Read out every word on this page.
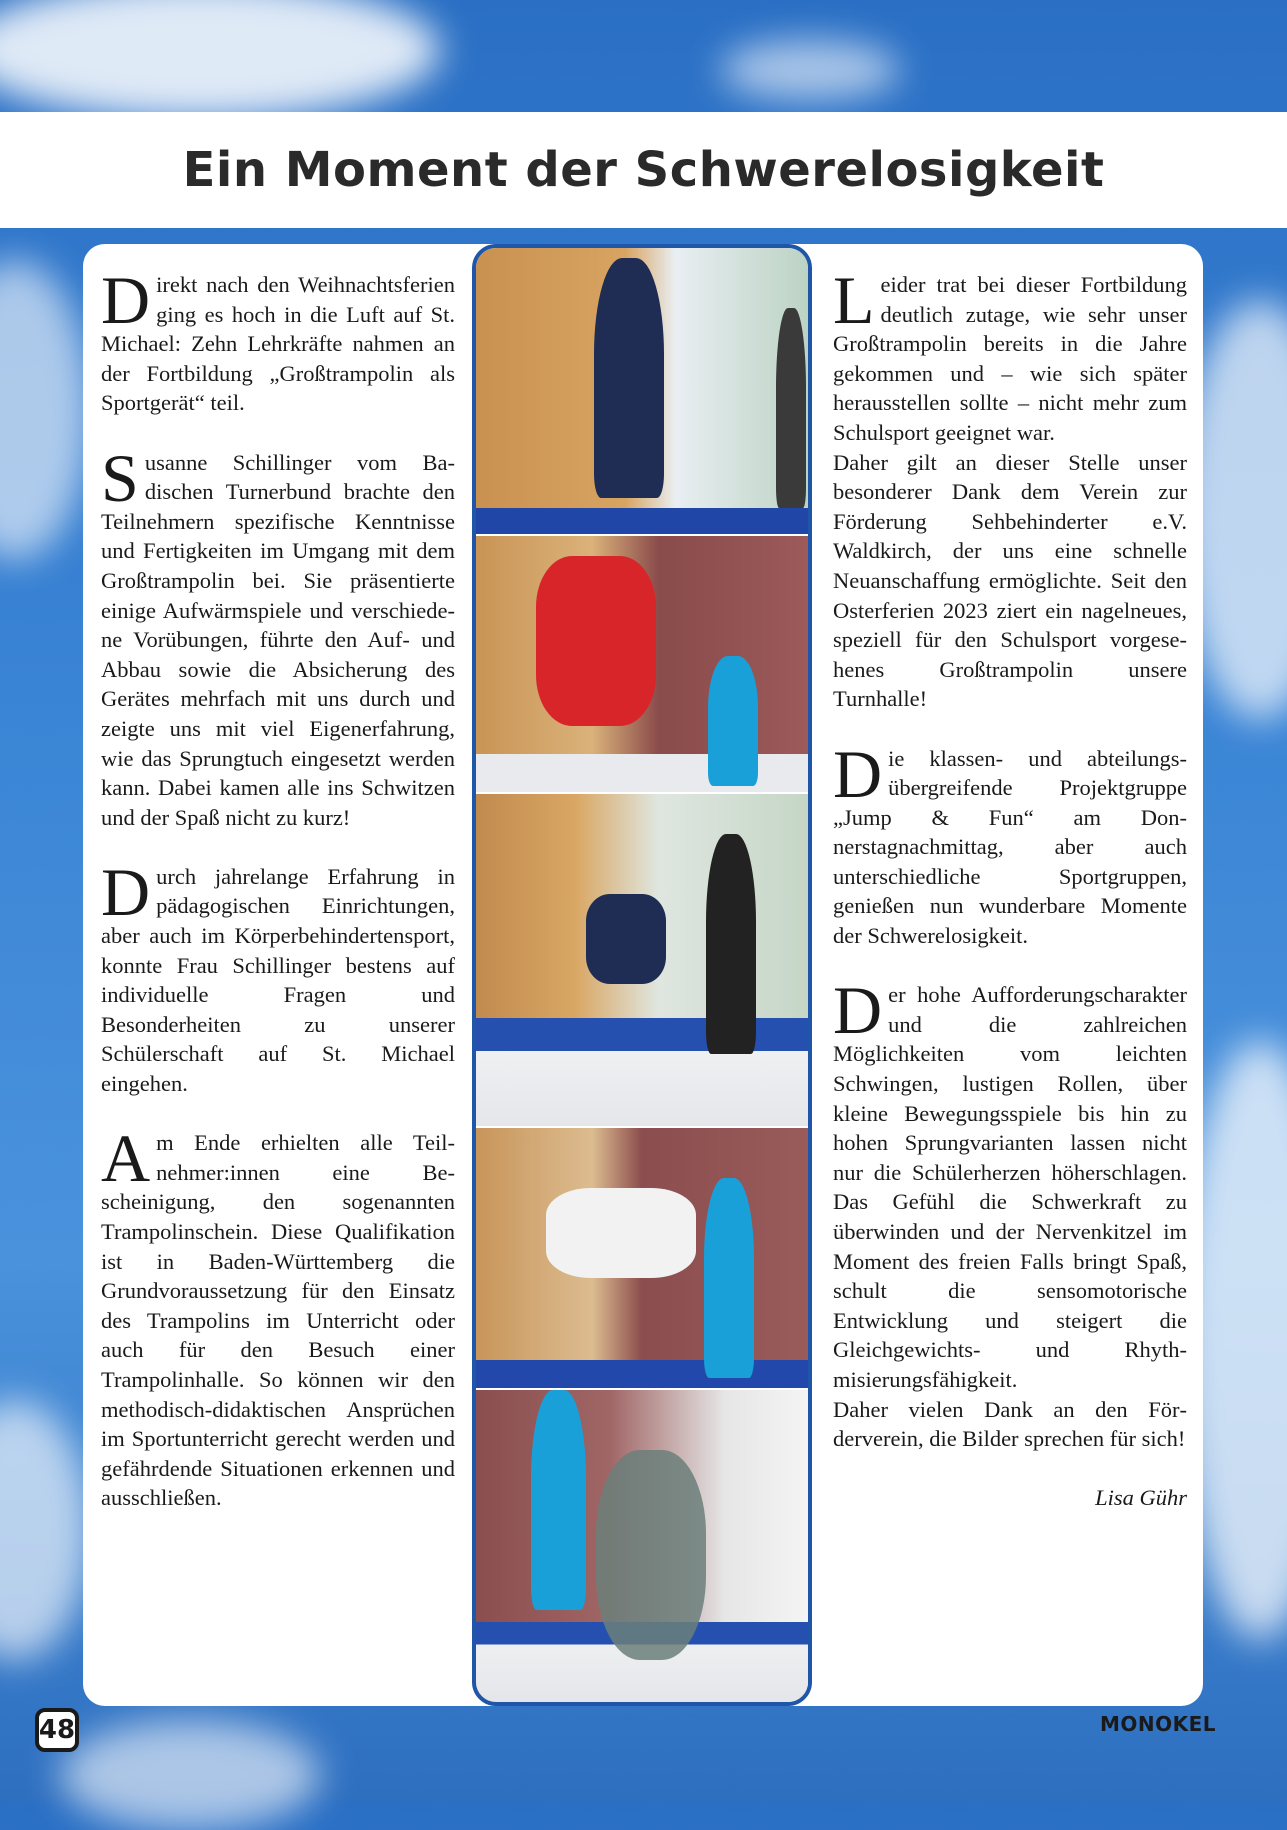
Ein Moment der Schwerelosigkeit

Direkt nach den Weihnachtsferien ging es hoch in die Luft auf St. Michael: Zehn Lehrkräfte nahmen an der Fortbildung „Großtrampolin als Sportgerät“ teil.

Susanne Schillinger vom Badischen Turnerbund brachte den Teilnehmern spezifische Kenntnisse und Fertigkeiten im Umgang mit dem Großtrampolin bei. Sie präsentierte einige Aufwärmspiele und verschiedene Vorübungen, führte den Auf- und Abbau sowie die Absicherung des Gerätes mehrfach mit uns durch und zeigte uns mit viel Eigenerfahrung, wie das Sprungtuch eingesetzt werden kann. Dabei kamen alle ins Schwitzen und der Spaß nicht zu kurz!

Durch jahrelange Erfahrung in pädagogischen Einrichtungen, aber auch im Körperbehindertensport, konnte Frau Schillinger bestens auf individuelle Fragen und Besonderheiten zu unserer Schülerschaft auf St. Michael eingehen.

Am Ende erhielten alle Teilnehmer:innen eine Bescheinigung, den sogenannten Trampolinschein. Diese Qualifikation ist in Baden-Württemberg die Grundvoraussetzung für den Einsatz des Trampolins im Unterricht oder auch für den Besuch einer Trampolinhalle. So können wir den methodisch-didaktischen Ansprüchen im Sportunterricht gerecht werden und gefährdende Situationen erkennen und ausschließen.

Leider trat bei dieser Fortbildung deutlich zutage, wie sehr unser Großtrampolin bereits in die Jahre gekommen und – wie sich später herausstellen sollte – nicht mehr zum Schulsport geeignet war.

Daher gilt an dieser Stelle unser besonderer Dank dem Verein zur Förderung Sehbehinderter e.V. Waldkirch, der uns eine schnelle Neuanschaffung ermöglichte. Seit den Osterferien 2023 ziert ein nagelneues, speziell für den Schulsport vorgesehenes Großtrampolin unsere Turnhalle!

Die klassen- und abteilungsübergreifende Projektgruppe „Jump & Fun“ am Donnerstagnachmittag, aber auch unterschiedliche Sportgruppen, genießen nun wunderbare Momente der Schwerelosigkeit.

Der hohe Aufforderungscharakter und die zahlreichen Möglichkeiten vom leichten Schwingen, lustigen Rollen, über kleine Bewegungsspiele bis hin zu hohen Sprungvarianten lassen nicht nur die Schülerherzen höherschlagen. Das Gefühl die Schwerkraft zu überwinden und der Nervenkitzel im Moment des freien Falls bringt Spaß, schult die sensomotorische Entwicklung und steigert die Gleichgewichts- und Rhythmisierungsfähigkeit.

Daher vielen Dank an den Förderverein, die Bilder sprechen für sich!

Lisa Gühr
48	MONOKEL
